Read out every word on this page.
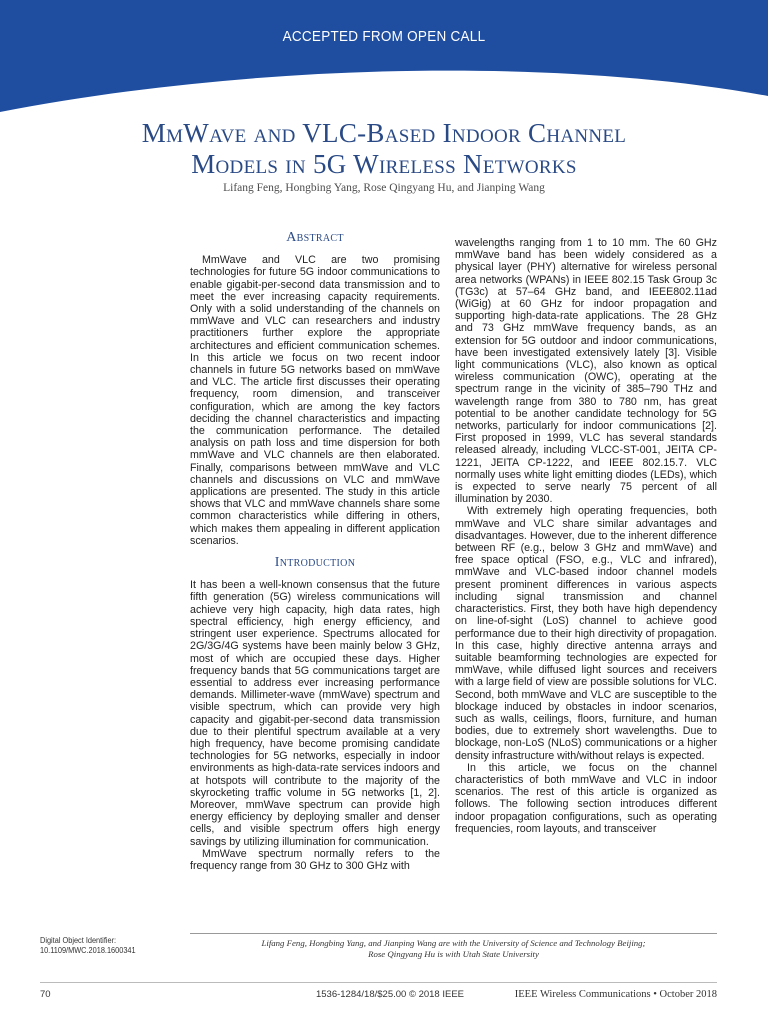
ACCEPTED FROM OPEN CALL
MmWave and VLC-Based Indoor Channel
Models in 5G Wireless Networks
Lifang Feng, Hongbing Yang, Rose Qingyang Hu, and Jianping Wang
Abstract

MmWave and VLC are two promising technologies for future 5G indoor communications to enable gigabit-per-second data transmission and to meet the ever increasing capacity requirements. Only with a solid understanding of the channels on mmWave and VLC can researchers and industry practitioners further explore the appropriate architectures and efficient communication schemes. In this article we focus on two recent indoor channels in future 5G networks based on mmWave and VLC. The article first discusses their operating frequency, room dimension, and transceiver configuration, which are among the key factors deciding the channel characteristics and impacting the communication performance. The detailed analysis on path loss and time dispersion for both mmWave and VLC channels are then elaborated. Finally, comparisons between mmWave and VLC channels and discussions on VLC and mmWave applications are presented. The study in this article shows that VLC and mmWave channels share some common characteristics while differing in others, which makes them appealing in different application scenarios.

Introduction

It has been a well-known consensus that the future fifth generation (5G) wireless communications will achieve very high capacity, high data rates, high spectral efficiency, high energy efficiency, and stringent user experience. Spectrums allocated for 2G/3G/4G systems have been mainly below 3 GHz, most of which are occupied these days. Higher frequency bands that 5G communications target are essential to address ever increasing performance demands. Millimeter-wave (mmWave) spectrum and visible spectrum, which can provide very high capacity and gigabit-per-second data transmission due to their plentiful spectrum available at a very high frequency, have become promising candidate technologies for 5G networks, especially in indoor environments as high-data-rate services indoors and at hotspots will contribute to the majority of the skyrocketing traffic volume in 5G networks [1, 2]. Moreover, mmWave spectrum can provide high energy efficiency by deploying smaller and denser cells, and visible spectrum offers high energy savings by utilizing illumination for communication.

MmWave spectrum normally refers to the frequency range from 30 GHz to 300 GHz with

wavelengths ranging from 1 to 10 mm. The 60 GHz mmWave band has been widely considered as a physical layer (PHY) alternative for wireless personal area networks (WPANs) in IEEE 802.15 Task Group 3c (TG3c) at 57–64 GHz band, and IEEE802.11ad (WiGig) at 60 GHz for indoor propagation and supporting high-data-rate applications. The 28 GHz and 73 GHz mmWave frequency bands, as an extension for 5G outdoor and indoor communications, have been investigated extensively lately [3]. Visible light communications (VLC), also known as optical wireless communication (OWC), operating at the spectrum range in the vicinity of 385–790 THz and wavelength range from 380 to 780 nm, has great potential to be another candidate technology for 5G networks, particularly for indoor communications [2]. First proposed in 1999, VLC has several standards released already, including VLCC-ST-001, JEITA CP-1221, JEITA CP-1222, and IEEE 802.15.7. VLC normally uses white light emitting diodes (LEDs), which is expected to serve nearly 75 percent of all illumination by 2030.

With extremely high operating frequencies, both mmWave and VLC share similar advantages and disadvantages. However, due to the inherent difference between RF (e.g., below 3 GHz and mmWave) and free space optical (FSO, e.g., VLC and infrared), mmWave and VLC-based indoor channel models present prominent differences in various aspects including signal transmission and channel characteristics. First, they both have high dependency on line-of-sight (LoS) channel to achieve good performance due to their high directivity of propagation. In this case, highly directive antenna arrays and suitable beamforming technologies are expected for mmWave, while diffused light sources and receivers with a large field of view are possible solutions for VLC. Second, both mmWave and VLC are susceptible to the blockage induced by obstacles in indoor scenarios, such as walls, ceilings, floors, furniture, and human bodies, due to extremely short wavelengths. Due to blockage, non-LoS (NLoS) communications or a higher density infrastructure with/without relays is expected.

In this article, we focus on the channel characteristics of both mmWave and VLC in indoor scenarios. The rest of this article is organized as follows. The following section introduces different indoor propagation configurations, such as operating frequencies, room layouts, and transceiver

Digital Object Identifier:
10.1109/MWC.2018.1600341
Lifang Feng, Hongbing Yang, and Jianping Wang are with the University of Science and Technology Beijing;
Rose Qingyang Hu is with Utah State University
70	1536-1284/18/$25.00 © 2018 IEEE	IEEE Wireless Communications • October 2018
